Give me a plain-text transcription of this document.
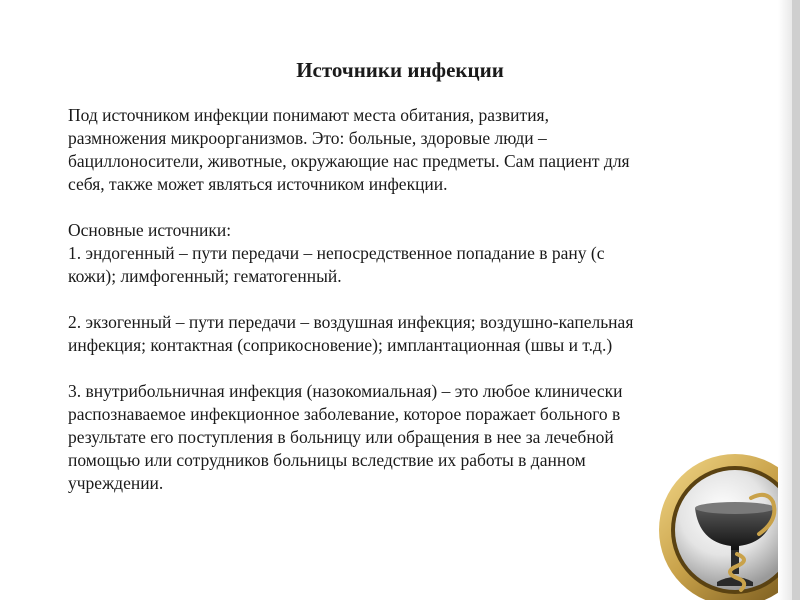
Источники инфекции
Под источником инфекции понимают места обитания, развития,
размножения микроорганизмов. Это: больные, здоровые люди –
бациллоносители, животные, окружающие нас предметы. Сам пациент для
себя, также может являться источником инфекции.
Основные источники:
1. эндогенный – пути передачи – непосредственное попадание в рану (с
кожи); лимфогенный; гематогенный.
2. экзогенный – пути передачи – воздушная инфекция; воздушно-капельная
инфекция; контактная (соприкосновение); имплантационная (швы и т.д.)
3. внутрибольничная инфекция (назокомиальная) – это любое клинически
распознаваемое инфекционное заболевание, которое поражает больного в
результате его поступления в больницу или обращения в нее за лечебной
помощью или сотрудников больницы вследствие их работы в данном
учреждении.
